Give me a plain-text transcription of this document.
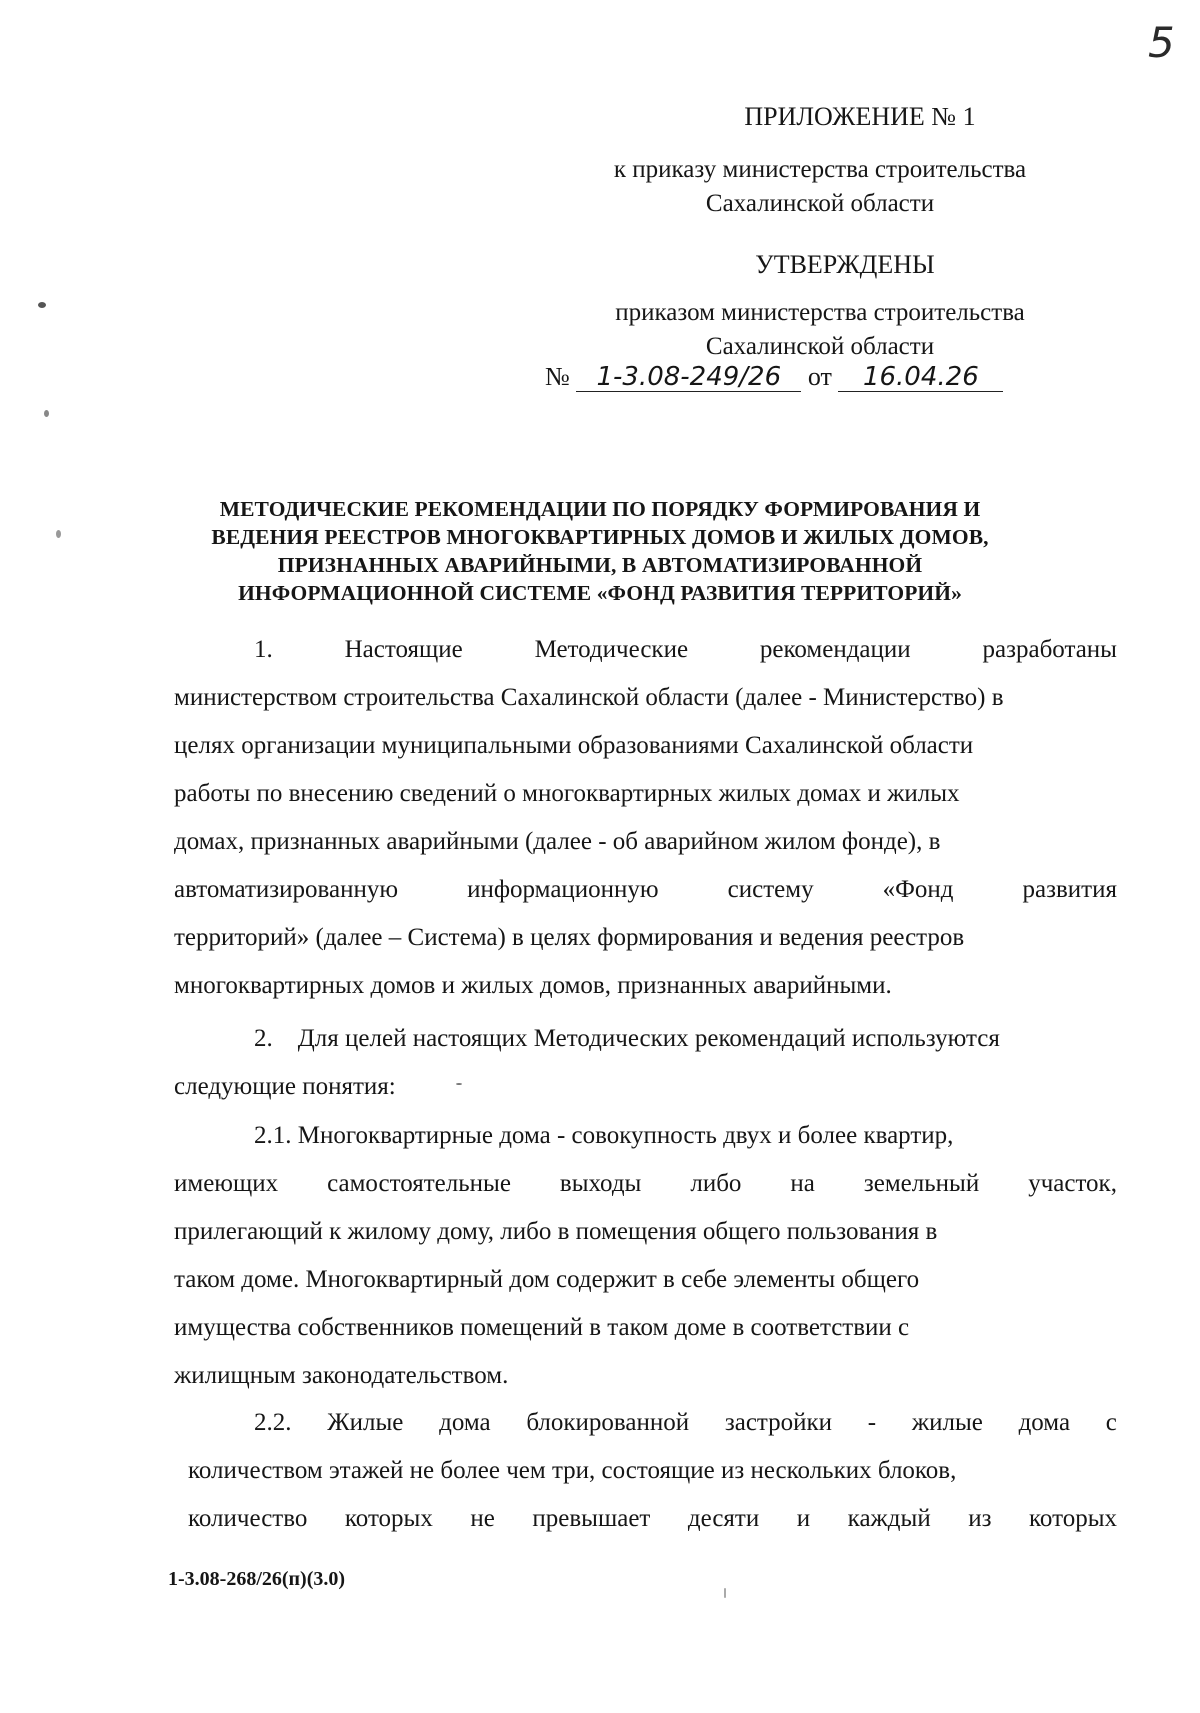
5
ПРИЛОЖЕНИЕ № 1
к приказу министерства строительства
Сахалинской области
УТВЕРЖДЕНЫ
приказом министерства строительства
Сахалинской области
№ 1-3.08-249/26 от 16.04.26
МЕТОДИЧЕСКИЕ РЕКОМЕНДАЦИИ ПО ПОРЯДКУ ФОРМИРОВАНИЯ И
ВЕДЕНИЯ РЕЕСТРОВ МНОГОКВАРТИРНЫХ ДОМОВ И ЖИЛЫХ ДОМОВ,
ПРИЗНАННЫХ АВАРИЙНЫМИ, В АВТОМАТИЗИРОВАННОЙ
ИНФОРМАЦИОННОЙ СИСТЕМЕ «ФОНД РАЗВИТИЯ ТЕРРИТОРИЙ»
1.	Настоящие	Методические	рекомендации	разработаны
министерством строительства Сахалинской области (далее - Министерство) в
целях организации муниципальными образованиями Сахалинской области
работы по внесению сведений о многоквартирных жилых домах и жилых
домах, признанных аварийными (далее - об аварийном жилом фонде), в
автоматизированную	информационную	систему	«Фонд	развития
территорий» (далее – Система) в целях формирования и ведения реестров
многоквартирных домов и жилых домов, признанных аварийными.
2.    Для целей настоящих Методических рекомендаций используются
следующие понятия:
2.1. Многоквартирные дома - совокупность двух и более квартир,
имеющих самостоятельные выходы либо на земельный участок,
прилегающий к жилому дому, либо в помещения общего пользования в
таком доме. Многоквартирный дом содержит в себе элементы общего
имущества собственников помещений в таком доме в соответствии с
жилищным законодательством.
2.2. Жилые дома блокированной застройки - жилые дома с
количеством этажей не более чем три, состоящие из нескольких блоков,
количество которых не превышает десяти и каждый из которых
1-3.08-268/26(п)(3.0)
